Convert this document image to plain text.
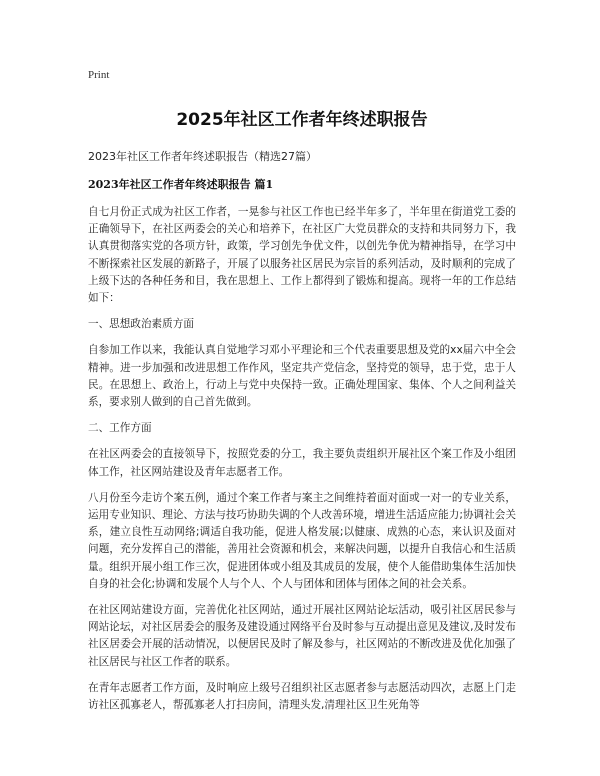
Print
2025年社区工作者年终述职报告
2023年社区工作者年终述职报告（精选27篇）
2023年社区工作者年终述职报告 篇1

自七月份正式成为社区工作者，一晃参与社区工作也已经半年多了，半年里在街道党工委的正确领导下，在社区两委会的关心和培养下，在社区广大党员群众的支持和共同努力下，我认真贯彻落实党的各项方针，政策，学习创先争优文件，以创先争优为精神指导，在学习中不断探索社区发展的新路子，开展了以服务社区居民为宗旨的系列活动，及时顺利的完成了上级下达的各种任务和目，我在思想上、工作上都得到了锻炼和提高。现将一年的工作总结如下：

一、思想政治素质方面

自参加工作以来，我能认真自觉地学习邓小平理论和三个代表重要思想及党的xx届六中全会精神。进一步加强和改进思想工作作风，坚定共产党信念，坚持党的领导，忠于党，忠于人民。在思想上、政治上，行动上与党中央保持一致。正确处理国家、集体、个人之间利益关系，要求别人做到的自己首先做到。

二、工作方面

在社区两委会的直接领导下，按照党委的分工，我主要负责组织开展社区个案工作及小组团体工作，社区网站建设及青年志愿者工作。

八月份至今走访个案五例，通过个案工作者与案主之间维持着面对面或一对一的专业关系，运用专业知识、理论、方法与技巧协助失调的个人改善环境，增进生活适应能力;协调社会关系，建立良性互动网络;调适自我功能，促进人格发展;以健康、成熟的心态，来认识及面对问题，充分发挥自己的潜能，善用社会资源和机会，来解决问题，以提升自我信心和生活质量。组织开展小组工作三次，促进团体或小组及其成员的发展，使个人能借助集体生活加快自身的社会化;协调和发展个人与个人、个人与团体和团体与团体之间的社会关系。

在社区网站建设方面，完善优化社区网站，通过开展社区网站论坛活动，吸引社区居民参与网站论坛，对社区居委会的服务及建设通过网络平台及时参与互动提出意见及建议,及时发布社区居委会开展的活动情况，以便居民及时了解及参与，社区网站的不断改进及优化加强了社区居民与社区工作者的联系。

在青年志愿者工作方面，及时响应上级号召组织社区志愿者参与志愿活动四次，志愿上门走访社区孤寡老人，帮孤寡老人打扫房间，清理头发,清理社区卫生死角等
